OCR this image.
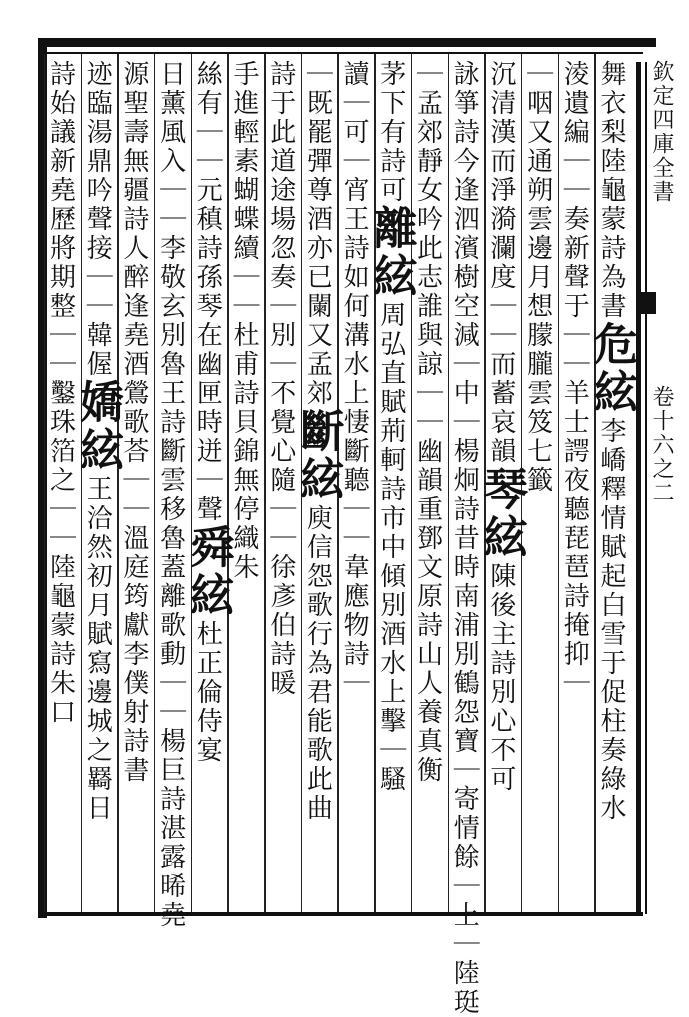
欽定四庫全書
卷十六之二
舞衣梨陸龜蒙詩為書危絃李嶠釋情賦起白雪于促柱奏綠水
淩遺編｜｜奏新聲于｜｜羊士諤夜聽琵琶詩掩抑｜
｜咽又通朔雲邊月想朦朧雲笈七籤
沉清漢而淨漪瀾度｜｜而蓄哀韻琴絃陳後主詩別心不可
詠箏詩今逢泗濱樹空減｜中｜楊炯詩昔時南浦別鶴怨寶｜寄情餘｜上｜陸珽
｜孟郊靜女吟此志誰與諒｜｜幽韻重鄧文原詩山人養真衡
茅下有詩可離絃周弘直賦荊軻詩市中傾別酒水上擊｜騷
讀｜可｜宵王詩如何溝水上悽斷聽｜｜韋應物詩｜
｜既罷彈尊酒亦已闌又孟郊斷絃庾信怨歌行為君能歌此曲
詩于此道途場忽奏｜別｜不覺心隨｜｜徐彥伯詩暖
手進輕素蝴蝶續｜｜杜甫詩貝錦無停織朱
絲有｜｜元稹詩孫琴在幽匣時迸｜聲舜絃杜正倫侍宴
日薰風入｜｜李敬玄別魯王詩斷雲移魯蓋離歌動｜｜楊巨詩湛露晞堯
源聖壽無疆詩人醉逢堯酒鶯歌荅｜｜溫庭筠獻李僕射詩書
迹臨湯鼎吟聲接｜｜韓偓嬌絃王洽然初月賦寫邊城之羇日
詩始議新堯歷將期整｜｜鑿珠箔之｜｜陸龜蒙詩朱口
